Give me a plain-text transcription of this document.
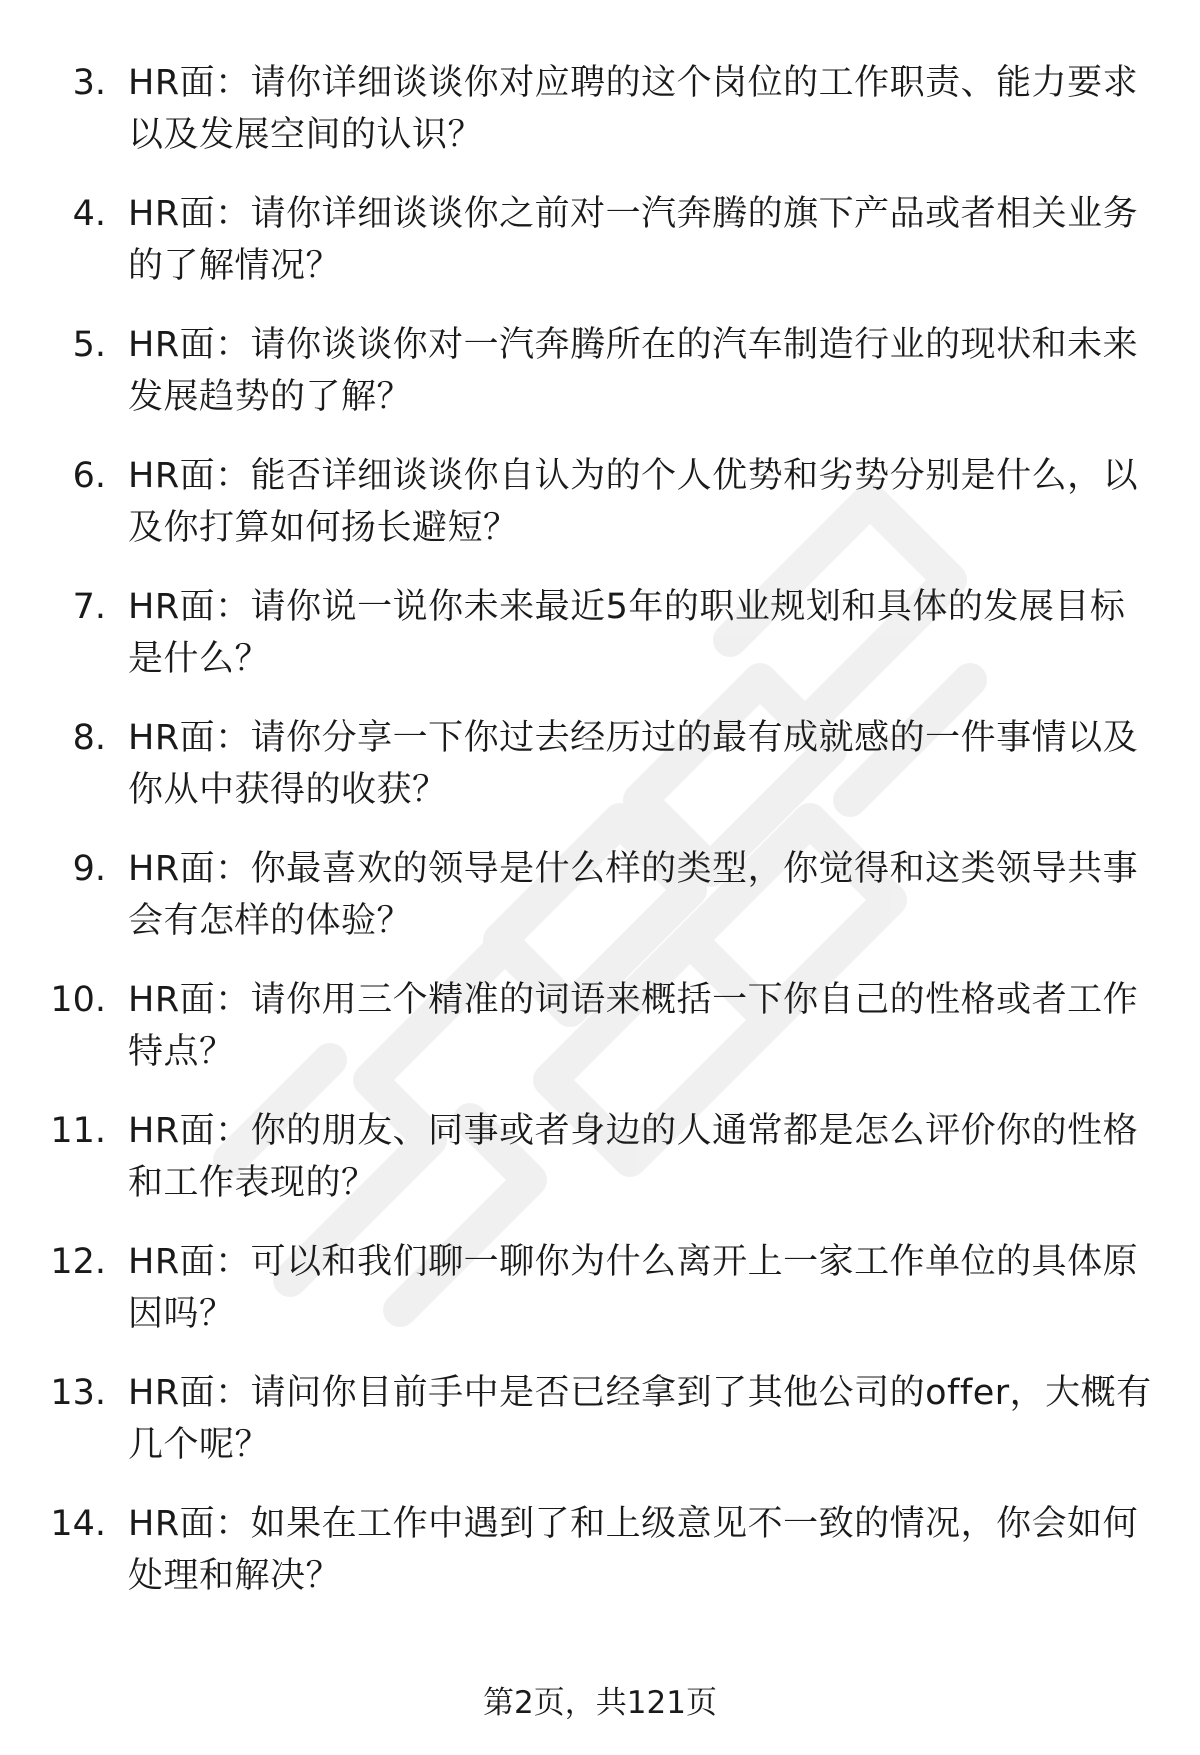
3. HR面：请你详细谈谈你对应聘的这个岗位的工作职责、能力要求以及发展空间的认识？
4. HR面：请你详细谈谈你之前对一汽奔腾的旗下产品或者相关业务的了解情况？
5. HR面：请你谈谈你对一汽奔腾所在的汽车制造行业的现状和未来发展趋势的了解？
6. HR面：能否详细谈谈你自认为的个人优势和劣势分别是什么，以及你打算如何扬长避短？
7. HR面：请你说一说你未来最近5年的职业规划和具体的发展目标是什么？
8. HR面：请你分享一下你过去经历过的最有成就感的一件事情以及你从中获得的收获？
9. HR面：你最喜欢的领导是什么样的类型，你觉得和这类领导共事会有怎样的体验？
10. HR面：请你用三个精准的词语来概括一下你自己的性格或者工作特点？
11. HR面：你的朋友、同事或者身边的人通常都是怎么评价你的性格和工作表现的？
12. HR面：可以和我们聊一聊你为什么离开上一家工作单位的具体原因吗？
13. HR面：请问你目前手中是否已经拿到了其他公司的offer，大概有几个呢？
14. HR面：如果在工作中遇到了和上级意见不一致的情况，你会如何处理和解决？
第2页，共121页
